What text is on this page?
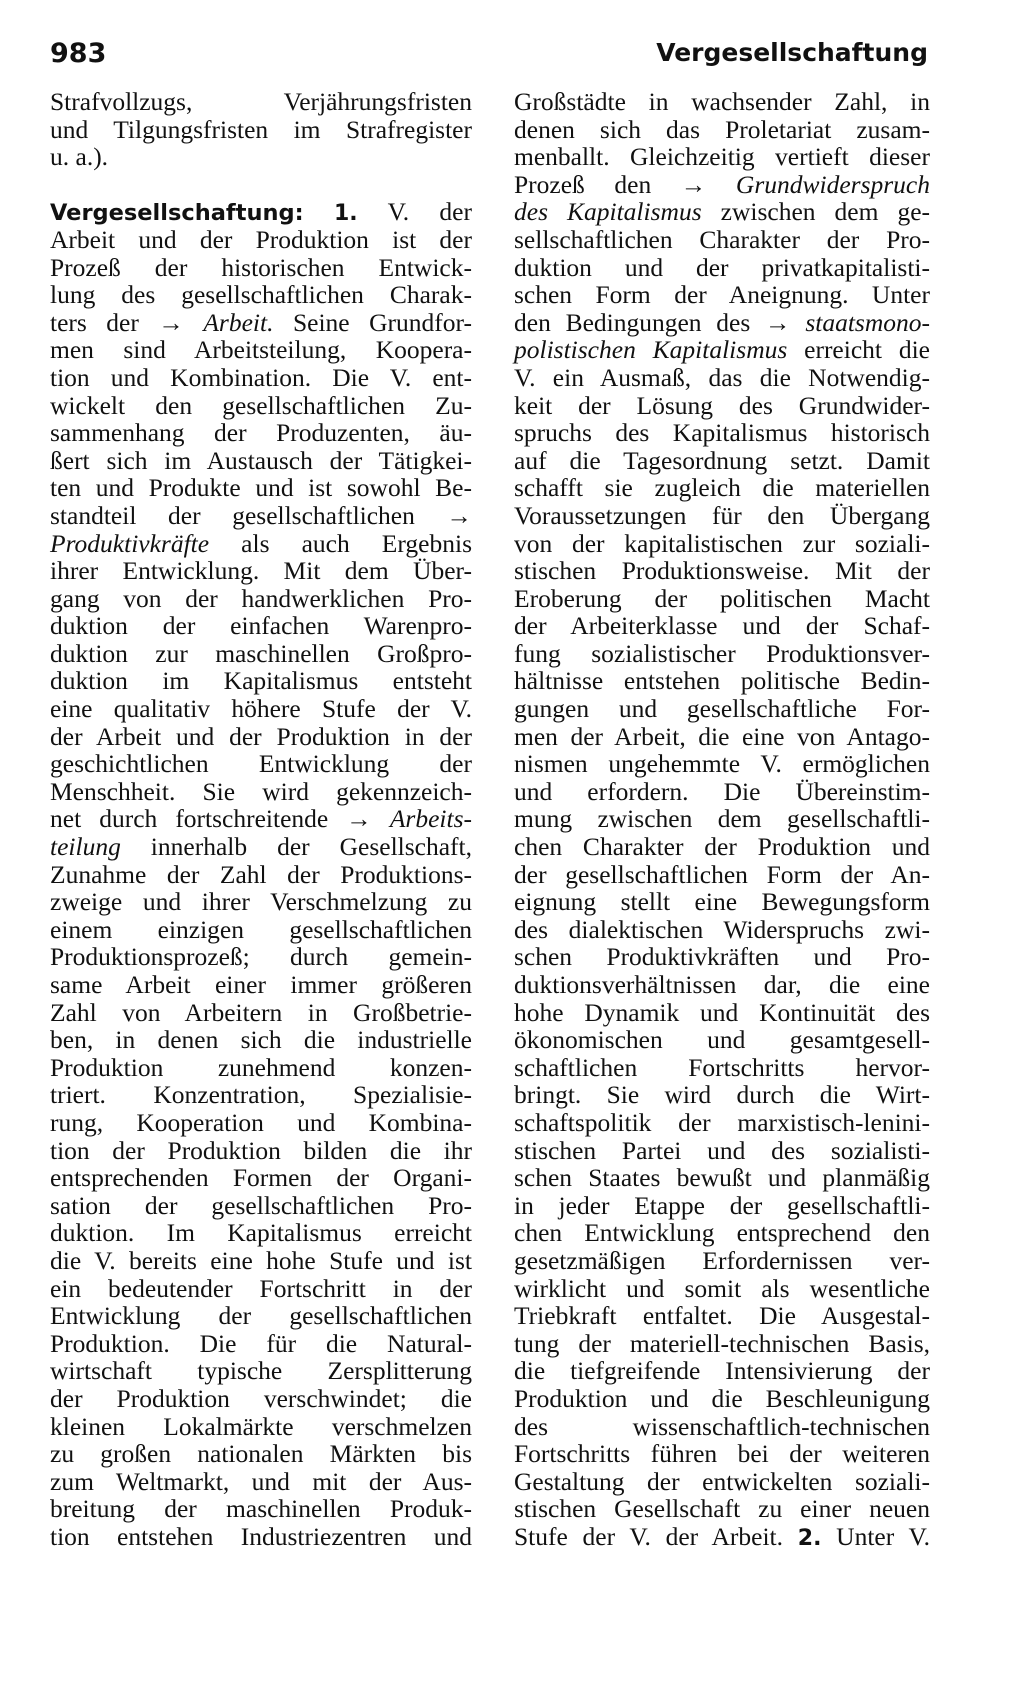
983	Vergesellschaftung
Strafvollzugs, Verjährungsfristen
und Tilgungsfristen im Strafregister
u. a.).
Vergesellschaftung: 1. V. der
Arbeit und der Produktion ist der
Prozeß der historischen Entwick-
lung des gesellschaftlichen Charak-
ters der → Arbeit. Seine Grundfor-
men sind Arbeitsteilung, Koopera-
tion und Kombination. Die V. ent-
wickelt den gesellschaftlichen Zu-
sammenhang der Produzenten, äu-
ßert sich im Austausch der Tätigkei-
ten und Produkte und ist sowohl Be-
standteil der gesellschaftlichen →
Produktivkräfte als auch Ergebnis
ihrer Entwicklung. Mit dem Über-
gang von der handwerklichen Pro-
duktion der einfachen Warenpro-
duktion zur maschinellen Großpro-
duktion im Kapitalismus entsteht
eine qualitativ höhere Stufe der V.
der Arbeit und der Produktion in der
geschichtlichen Entwicklung der
Menschheit. Sie wird gekennzeich-
net durch fortschreitende → Arbeits-
teilung innerhalb der Gesellschaft,
Zunahme der Zahl der Produktions-
zweige und ihrer Verschmelzung zu
einem einzigen gesellschaftlichen
Produktionsprozeß; durch gemein-
same Arbeit einer immer größeren
Zahl von Arbeitern in Großbetrie-
ben, in denen sich die industrielle
Produktion zunehmend konzen-
triert. Konzentration, Spezialisie-
rung, Kooperation und Kombina-
tion der Produktion bilden die ihr
entsprechenden Formen der Organi-
sation der gesellschaftlichen Pro-
duktion. Im Kapitalismus erreicht
die V. bereits eine hohe Stufe und ist
ein bedeutender Fortschritt in der
Entwicklung der gesellschaftlichen
Produktion. Die für die Natural-
wirtschaft typische Zersplitterung
der Produktion verschwindet; die
kleinen Lokalmärkte verschmelzen
zu großen nationalen Märkten bis
zum Weltmarkt, und mit der Aus-
breitung der maschinellen Produk-
tion entstehen Industriezentren und
Großstädte in wachsender Zahl, in
denen sich das Proletariat zusam-
menballt. Gleichzeitig vertieft dieser
Prozeß den → Grundwiderspruch
des Kapitalismus zwischen dem ge-
sellschaftlichen Charakter der Pro-
duktion und der privatkapitalisti-
schen Form der Aneignung. Unter
den Bedingungen des → staatsmono-
polistischen Kapitalismus erreicht die
V. ein Ausmaß, das die Notwendig-
keit der Lösung des Grundwider-
spruchs des Kapitalismus historisch
auf die Tagesordnung setzt. Damit
schafft sie zugleich die materiellen
Voraussetzungen für den Übergang
von der kapitalistischen zur soziali-
stischen Produktionsweise. Mit der
Eroberung der politischen Macht
der Arbeiterklasse und der Schaf-
fung sozialistischer Produktionsver-
hältnisse entstehen politische Bedin-
gungen und gesellschaftliche For-
men der Arbeit, die eine von Antago-
nismen ungehemmte V. ermöglichen
und erfordern. Die Übereinstim-
mung zwischen dem gesellschaftli-
chen Charakter der Produktion und
der gesellschaftlichen Form der An-
eignung stellt eine Bewegungsform
des dialektischen Widerspruchs zwi-
schen Produktivkräften und Pro-
duktionsverhältnissen dar, die eine
hohe Dynamik und Kontinuität des
ökonomischen und gesamtgesell-
schaftlichen Fortschritts hervor-
bringt. Sie wird durch die Wirt-
schaftspolitik der marxistisch-lenini-
stischen Partei und des sozialisti-
schen Staates bewußt und planmäßig
in jeder Etappe der gesellschaftli-
chen Entwicklung entsprechend den
gesetzmäßigen Erfordernissen ver-
wirklicht und somit als wesentliche
Triebkraft entfaltet. Die Ausgestal-
tung der materiell-technischen Basis,
die tiefgreifende Intensivierung der
Produktion und die Beschleunigung
des wissenschaftlich-technischen
Fortschritts führen bei der weiteren
Gestaltung der entwickelten soziali-
stischen Gesellschaft zu einer neuen
Stufe der V. der Arbeit. 2. Unter V.
